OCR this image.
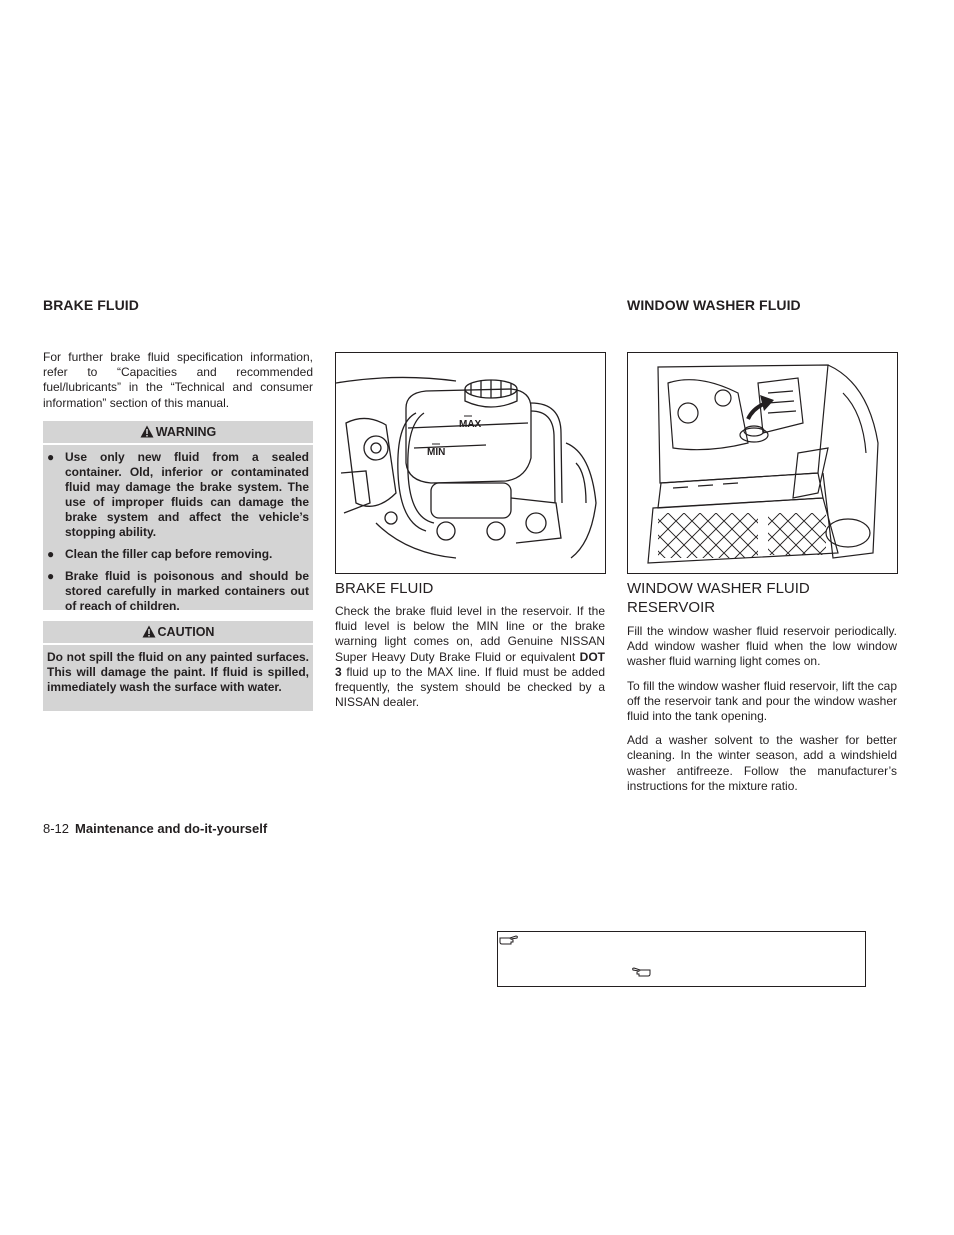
BRAKE FLUID
For further brake fluid specification information, refer to “Capacities and recommended fuel/lubricants” in the “Technical and consumer information” section of this manual.
WARNING
● Use only new fluid from a sealed container. Old, inferior or contaminated fluid may damage the brake system. The use of improper fluids can damage the brake system and affect the vehicle’s stopping ability.
● Clean the filler cap before removing.
● Brake fluid is poisonous and should be stored carefully in marked containers out of reach of children.
CAUTION
Do not spill the fluid on any painted surfaces. This will damage the paint. If fluid is spilled, immediately wash the surface with water.
MAX
MIN
BRAKE FLUID
Check the brake fluid level in the reservoir. If the fluid level is below the MIN line or the brake warning light comes on, add Genuine NISSAN Super Heavy Duty Brake Fluid or equivalent DOT 3 fluid up to the MAX line. If fluid must be added frequently, the system should be checked by a NISSAN dealer.
WINDOW WASHER FLUID
WINDOW WASHER FLUID RESERVOIR
Fill the window washer fluid reservoir periodically. Add window washer fluid when the low window washer fluid warning light comes on.
To fill the window washer fluid reservoir, lift the cap off the reservoir tank and pour the window washer fluid into the tank opening.
Add a washer solvent to the washer for better cleaning. In the winter season, add a windshield washer antifreeze. Follow the manufacturer’s instructions for the mixture ratio.
8-12 Maintenance and do-it-yourself
